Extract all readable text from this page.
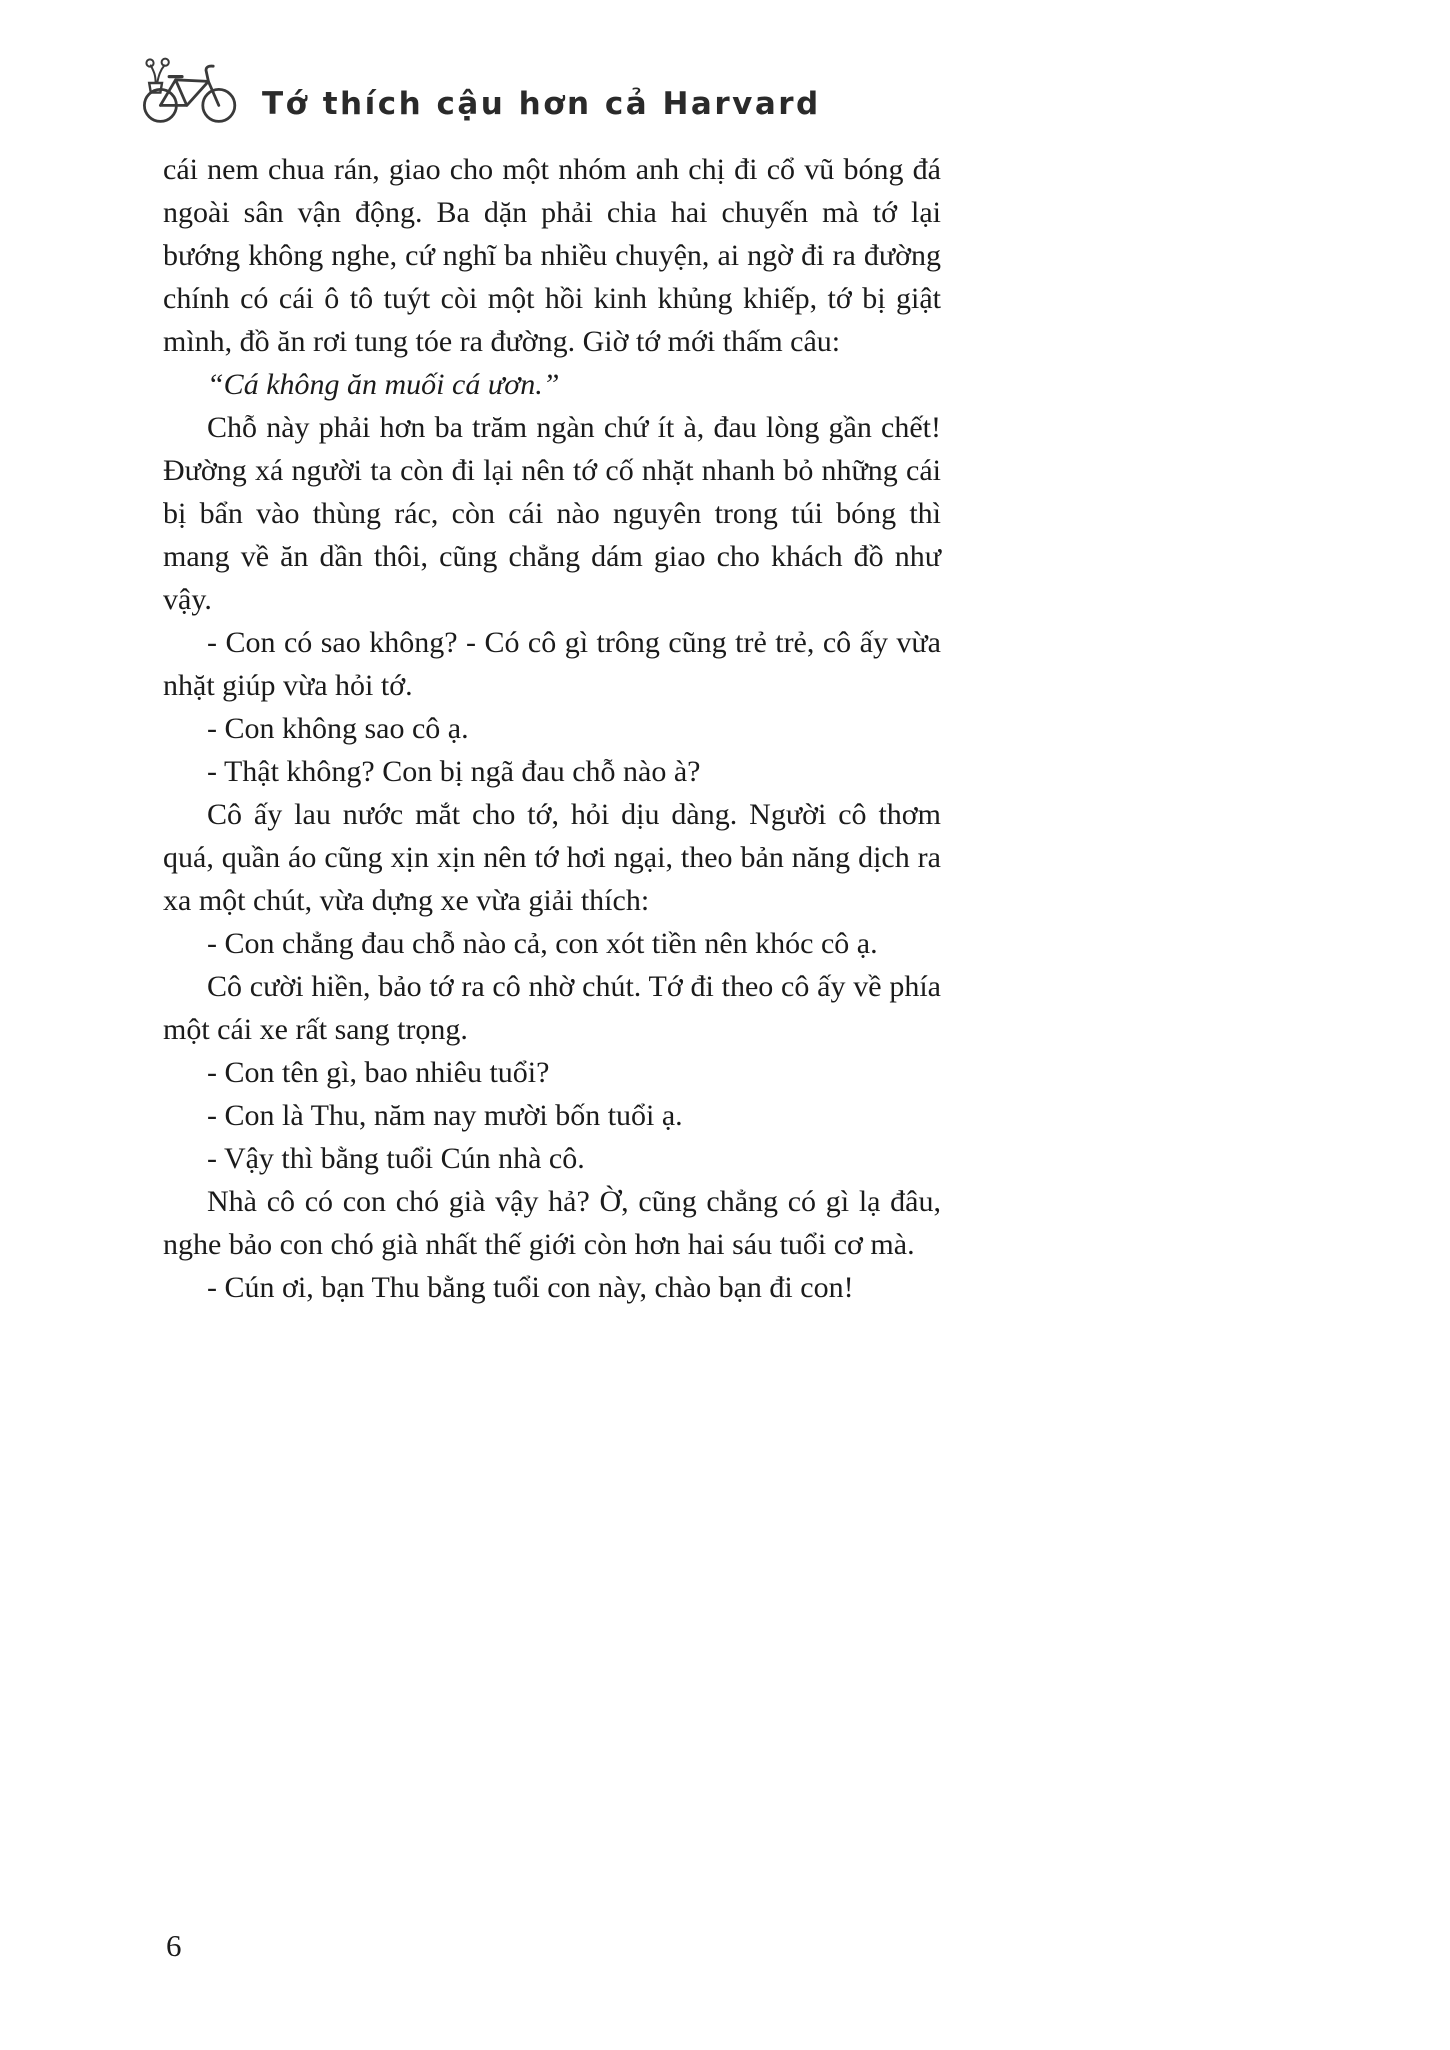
Tớ thích cậu hơn cả Harvard

cái nem chua rán, giao cho một nhóm anh chị đi cổ vũ bóng đá ngoài sân vận động. Ba dặn phải chia hai chuyến mà tớ lại bướng không nghe, cứ nghĩ ba nhiều chuyện, ai ngờ đi ra đường chính có cái ô tô tuýt còi một hồi kinh khủng khiếp, tớ bị giật mình, đồ ăn rơi tung tóe ra đường. Giờ tớ mới thấm câu:

“Cá không ăn muối cá ươn.”

Chỗ này phải hơn ba trăm ngàn chứ ít à, đau lòng gần chết! Đường xá người ta còn đi lại nên tớ cố nhặt nhanh bỏ những cái bị bẩn vào thùng rác, còn cái nào nguyên trong túi bóng thì mang về ăn dần thôi, cũng chẳng dám giao cho khách đồ như vậy.

- Con có sao không? - Có cô gì trông cũng trẻ trẻ, cô ấy vừa nhặt giúp vừa hỏi tớ.

- Con không sao cô ạ.

- Thật không? Con bị ngã đau chỗ nào à?

Cô ấy lau nước mắt cho tớ, hỏi dịu dàng. Người cô thơm quá, quần áo cũng xịn xịn nên tớ hơi ngại, theo bản năng dịch ra xa một chút, vừa dựng xe vừa giải thích:

- Con chẳng đau chỗ nào cả, con xót tiền nên khóc cô ạ.

Cô cười hiền, bảo tớ ra cô nhờ chút. Tớ đi theo cô ấy về phía một cái xe rất sang trọng.

- Con tên gì, bao nhiêu tuổi?

- Con là Thu, năm nay mười bốn tuổi ạ.

- Vậy thì bằng tuổi Cún nhà cô.

Nhà cô có con chó già vậy hả? Ờ, cũng chẳng có gì lạ đâu, nghe bảo con chó già nhất thế giới còn hơn hai sáu tuổi cơ mà.

- Cún ơi, bạn Thu bằng tuổi con này, chào bạn đi con!

6
